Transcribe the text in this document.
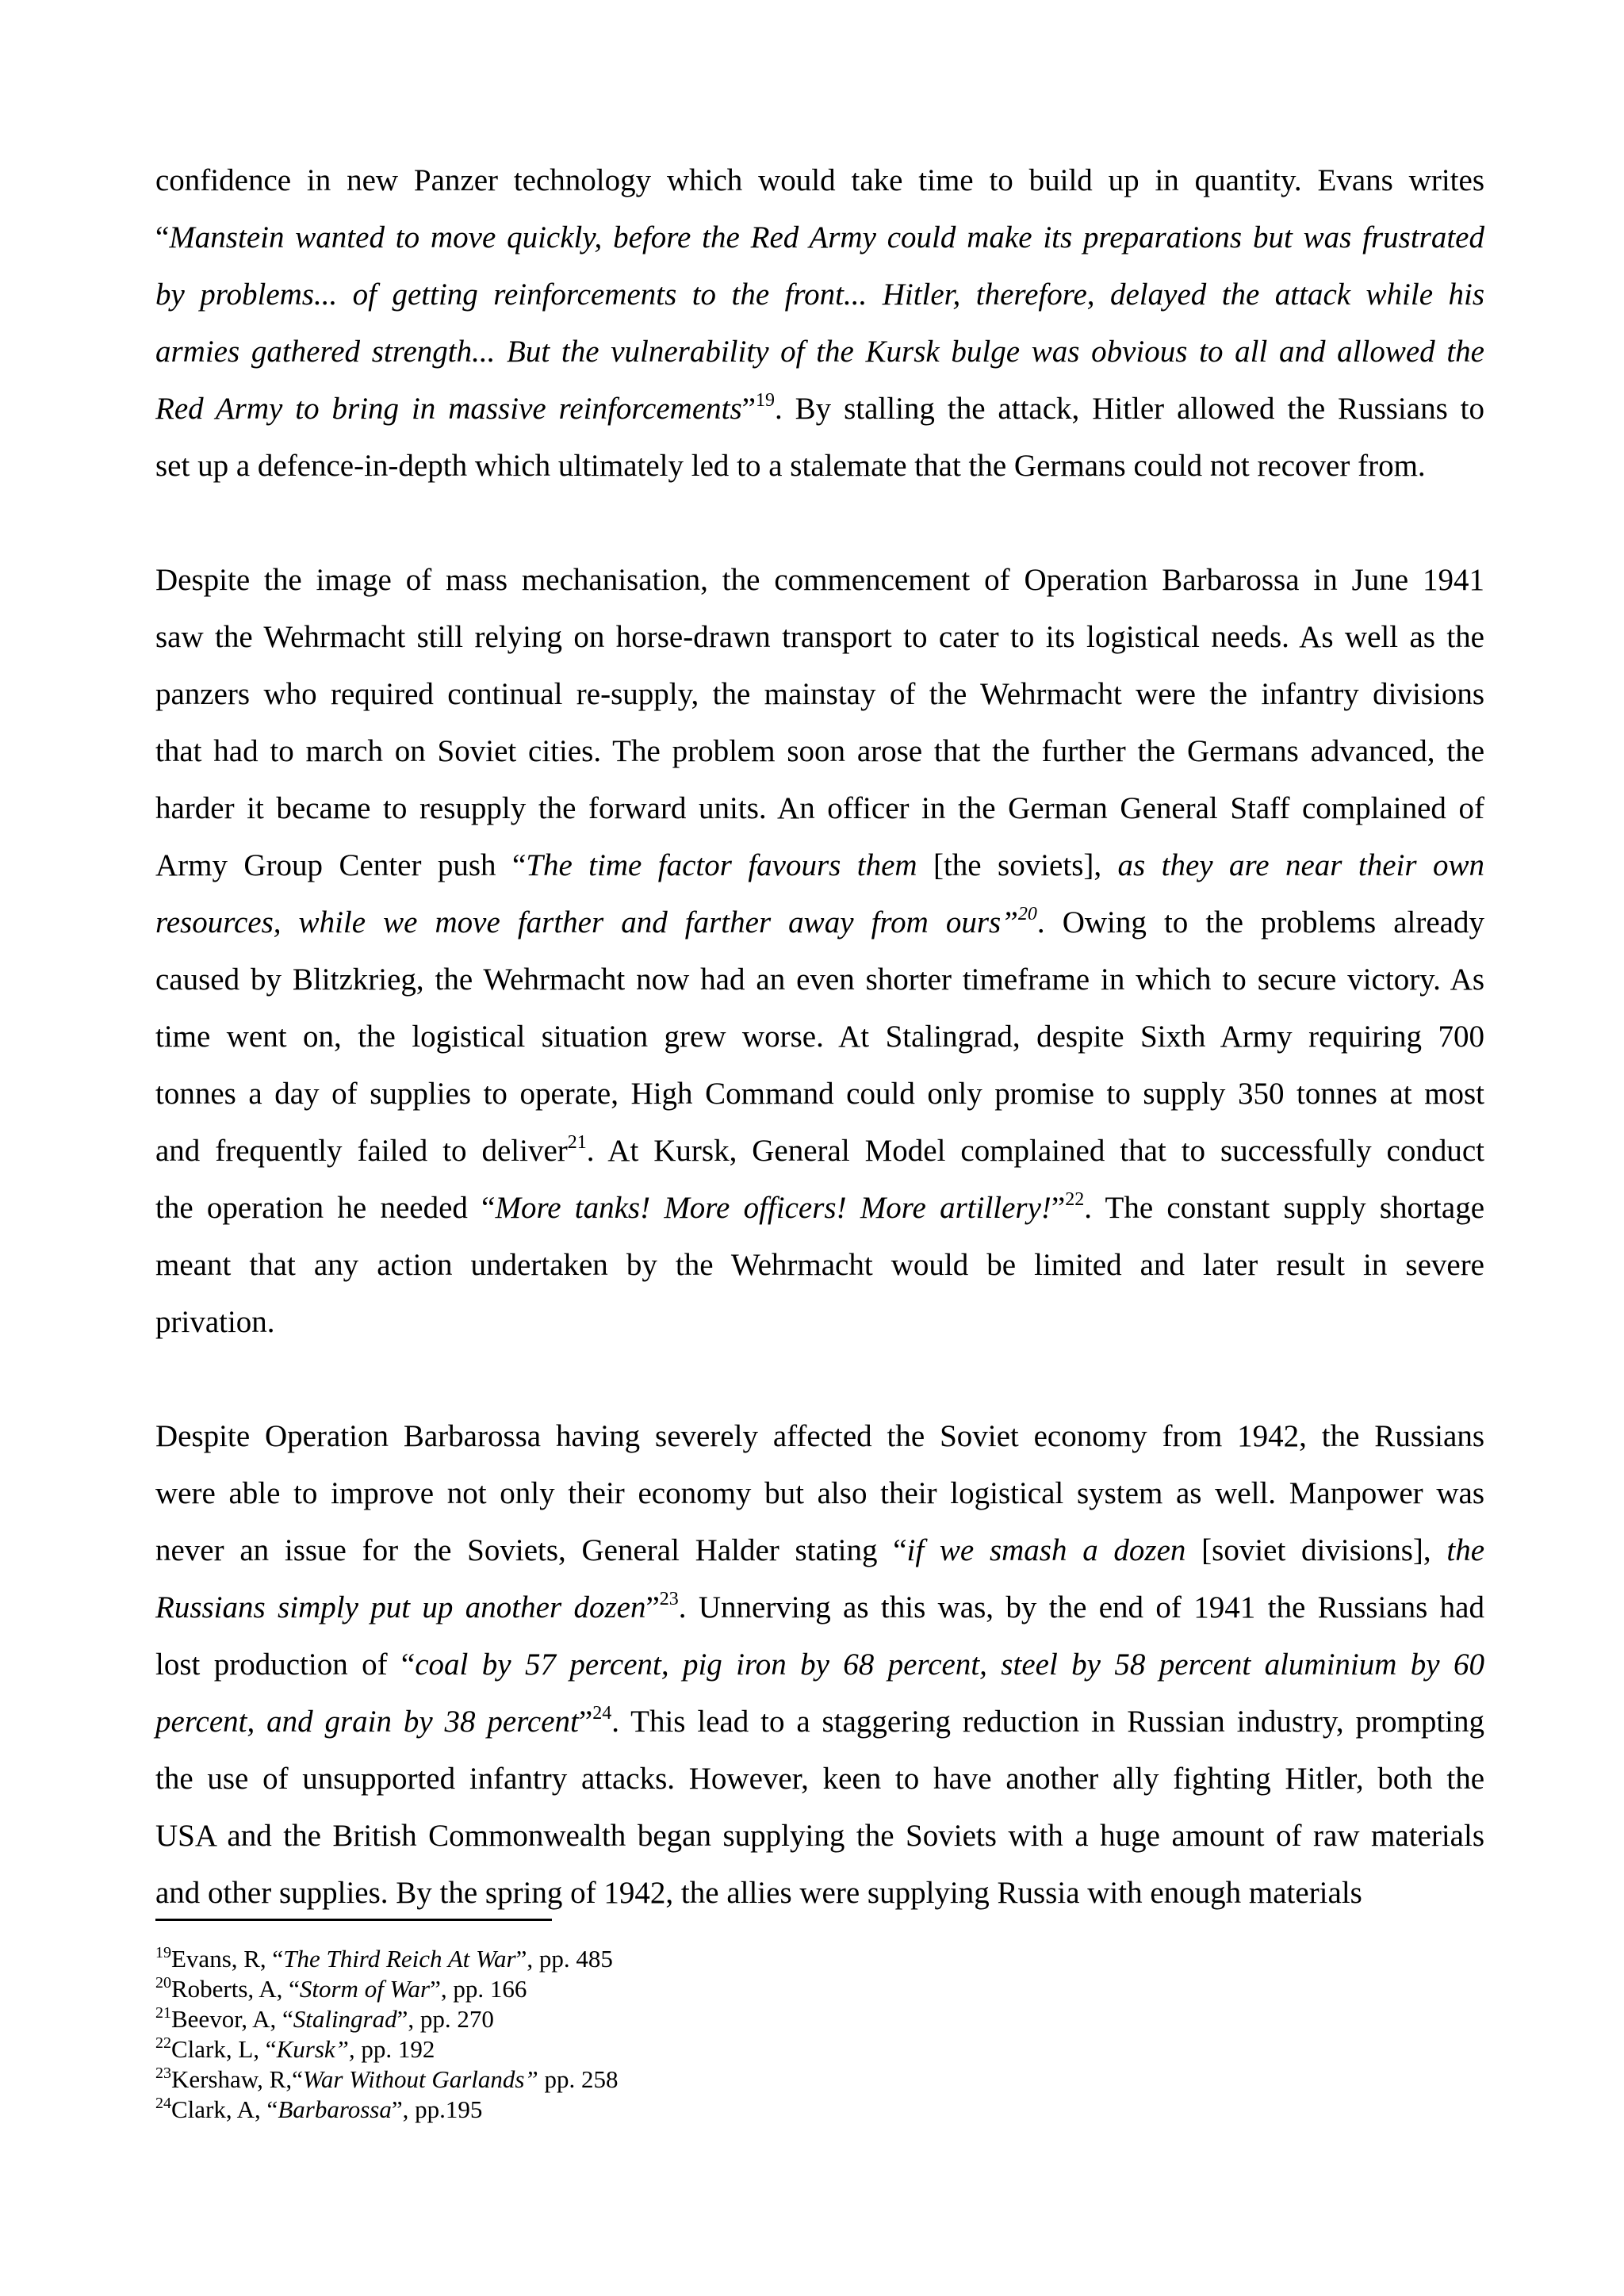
confidence in new Panzer technology which would take time to build up in quantity. Evans writes
“Manstein wanted to move quickly, before the Red Army could make its preparations but was frustrated
by problems... of getting reinforcements to the front... Hitler, therefore, delayed the attack while his
armies gathered strength... But the vulnerability of the Kursk bulge was obvious to all and allowed the
Red Army to bring in massive reinforcements”$^{19}$. By stalling the attack, Hitler allowed the Russians to
set up a defence-in-depth which ultimately led to a stalemate that the Germans could not recover from.

Despite the image of mass mechanisation, the commencement of Operation Barbarossa in June 1941
saw the Wehrmacht still relying on horse-drawn transport to cater to its logistical needs. As well as the
panzers who required continual re-supply, the mainstay of the Wehrmacht were the infantry divisions
that had to march on Soviet cities. The problem soon arose that the further the Germans advanced, the
harder it became to resupply the forward units. An officer in the German General Staff complained of
Army Group Center push “The time factor favours them [the soviets], as they are near their own
resources, while we move farther and farther away from ours”$^{20}$. Owing to the problems already
caused by Blitzkrieg, the Wehrmacht now had an even shorter timeframe in which to secure victory. As
time went on, the logistical situation grew worse. At Stalingrad, despite Sixth Army requiring 700
tonnes a day of supplies to operate, High Command could only promise to supply 350 tonnes at most
and frequently failed to deliver$^{21}$. At Kursk, General Model complained that to successfully conduct
the operation he needed “More tanks! More officers! More artillery!”$^{22}$. The constant supply shortage
meant that any action undertaken by the Wehrmacht would be limited and later result in severe
privation.

Despite Operation Barbarossa having severely affected the Soviet economy from 1942, the Russians
were able to improve not only their economy but also their logistical system as well. Manpower was
never an issue for the Soviets, General Halder stating “if we smash a dozen [soviet divisions], the
Russians simply put up another dozen”$^{23}$. Unnerving as this was, by the end of 1941 the Russians had
lost production of “coal by 57 percent, pig iron by 68 percent, steel by 58 percent aluminium by 60
percent, and grain by 38 percent”$^{24}$. This lead to a staggering reduction in Russian industry, prompting
the use of unsupported infantry attacks. However, keen to have another ally fighting Hitler, both the
USA and the British Commonwealth began supplying the Soviets with a huge amount of raw materials
and other supplies. By the spring of 1942, the allies were supplying Russia with enough materials

$^{19}$Evans, R, “The Third Reich At War”, pp. 485
$^{20}$Roberts, A, “Storm of War”, pp. 166
$^{21}$Beevor, A, “Stalingrad”, pp. 270
$^{22}$Clark, L, “Kursk”, pp. 192
$^{23}$Kershaw, R,“War Without Garlands” pp. 258
$^{24}$Clark, A, “Barbarossa”, pp.195
